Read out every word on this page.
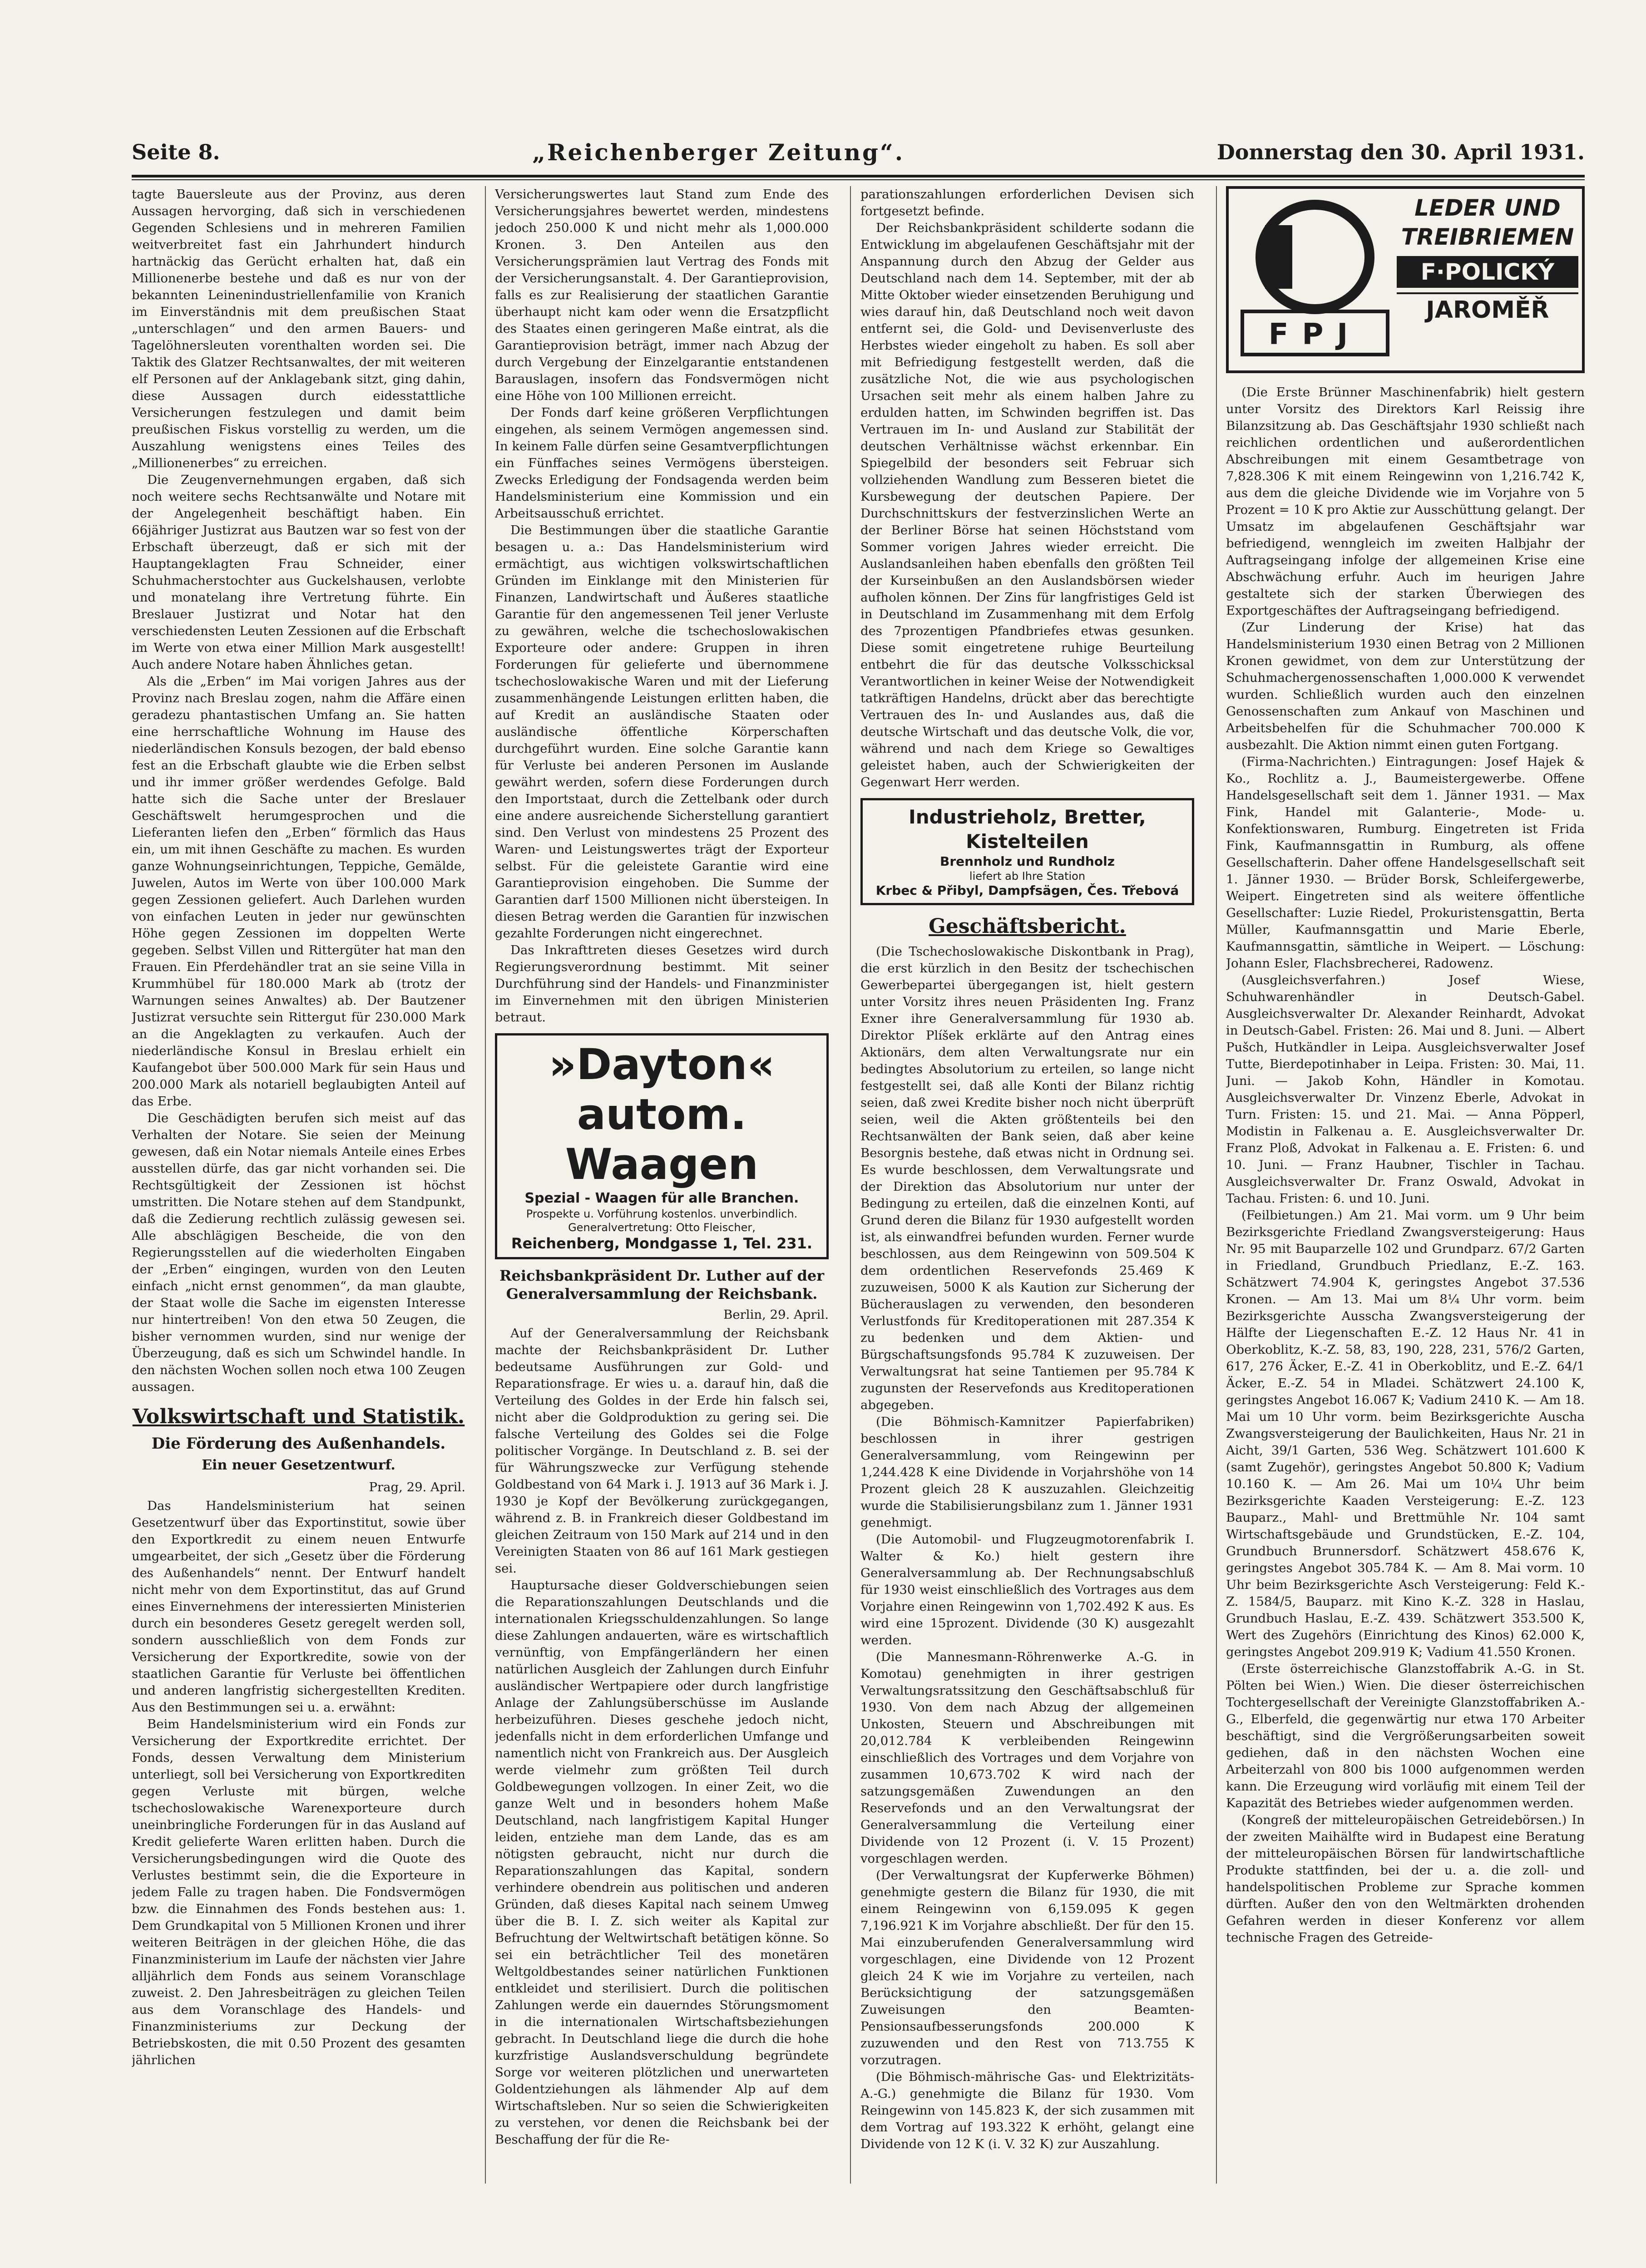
Seite 8.	„Reichenberger Zeitung“.	Donnerstag den 30. April 1931.

tagte Bauersleute aus der Provinz, aus deren Aussagen hervorging, daß sich in verschiedenen Gegenden Schlesiens und in mehreren Familien weitverbreitet fast ein Jahrhundert hindurch hartnäckig das Gerücht erhalten hat, daß ein Millionenerbe bestehe und daß es nur von der bekannten Leinenindustriellenfamilie von Kranich im Einverständnis mit dem preußischen Staat „unterschlagen“ und den armen Bauers- und Tagelöhnersleuten vorenthalten worden sei. Die Taktik des Glatzer Rechtsanwaltes, der mit weiteren elf Personen auf der Anklagebank sitzt, ging dahin, diese Aussagen durch eidesstattliche Versicherungen festzulegen und damit beim preußischen Fiskus vorstellig zu werden, um die Auszahlung wenigstens eines Teiles des „Millionenerbes“ zu erreichen.

Die Zeugenvernehmungen ergaben, daß sich noch weitere sechs Rechtsanwälte und Notare mit der Angelegenheit beschäftigt haben. Ein 66jähriger Justizrat aus Bautzen war so fest von der Erbschaft überzeugt, daß er sich mit der Hauptangeklagten Frau Schneider, einer Schuhmacherstochter aus Guckelshausen, verlobte und monatelang ihre Vertretung führte. Ein Breslauer Justizrat und Notar hat den verschiedensten Leuten Zessionen auf die Erbschaft im Werte von etwa einer Million Mark ausgestellt! Auch andere Notare haben Ähnliches getan.

Als die „Erben“ im Mai vorigen Jahres aus der Provinz nach Breslau zogen, nahm die Affäre einen geradezu phantastischen Umfang an. Sie hatten eine herrschaftliche Wohnung im Hause des niederländischen Konsuls bezogen, der bald ebenso fest an die Erbschaft glaubte wie die Erben selbst und ihr immer größer werdendes Gefolge. Bald hatte sich die Sache unter der Breslauer Geschäftswelt herumgesprochen und die Lieferanten liefen den „Erben“ förmlich das Haus ein, um mit ihnen Geschäfte zu machen. Es wurden ganze Wohnungseinrichtungen, Teppiche, Gemälde, Juwelen, Autos im Werte von über 100.000 Mark gegen Zessionen geliefert. Auch Darlehen wurden von einfachen Leuten in jeder nur gewünschten Höhe gegen Zessionen im doppelten Werte gegeben. Selbst Villen und Rittergüter hat man den Frauen. Ein Pferdehändler trat an sie seine Villa in Krummhübel für 180.000 Mark ab (trotz der Warnungen seines Anwaltes) ab. Der Bautzener Justizrat versuchte sein Rittergut für 230.000 Mark an die Angeklagten zu verkaufen. Auch der niederländische Konsul in Breslau erhielt ein Kaufangebot über 500.000 Mark für sein Haus und 200.000 Mark als notariell beglaubigten Anteil auf das Erbe.

Die Geschädigten berufen sich meist auf das Verhalten der Notare. Sie seien der Meinung gewesen, daß ein Notar niemals Anteile eines Erbes ausstellen dürfe, das gar nicht vorhanden sei. Die Rechtsgültigkeit der Zessionen ist höchst umstritten. Die Notare stehen auf dem Standpunkt, daß die Zedierung rechtlich zulässig gewesen sei. Alle abschlägigen Bescheide, die von den Regierungsstellen auf die wiederholten Eingaben der „Erben“ eingingen, wurden von den Leuten einfach „nicht ernst genommen“, da man glaubte, der Staat wolle die Sache im eigensten Interesse nur hintertreiben! Von den etwa 50 Zeugen, die bisher vernommen wurden, sind nur wenige der Überzeugung, daß es sich um Schwindel handle. In den nächsten Wochen sollen noch etwa 100 Zeugen aussagen.

Volkswirtschaft und Statistik.
Die Förderung des Außenhandels.
Ein neuer Gesetzentwurf.
Prag, 29. April.

Das Handelsministerium hat seinen Gesetzentwurf über das Exportinstitut, sowie über den Exportkredit zu einem neuen Entwurfe umgearbeitet, der sich „Gesetz über die Förderung des Außenhandels“ nennt. Der Entwurf handelt nicht mehr von dem Exportinstitut, das auf Grund eines Einvernehmens der interessierten Ministerien durch ein besonderes Gesetz geregelt werden soll, sondern ausschließlich von dem Fonds zur Versicherung der Exportkredite, sowie von der staatlichen Garantie für Verluste bei öffentlichen und anderen langfristig sichergestellten Krediten. Aus den Bestimmungen sei u. a. erwähnt:

Beim Handelsministerium wird ein Fonds zur Versicherung der Exportkredite errichtet. Der Fonds, dessen Verwaltung dem Ministerium unterliegt, soll bei Versicherung von Exportkrediten gegen Verluste mit bürgen, welche tschechoslowakische Warenexporteure durch uneinbringliche Forderungen für in das Ausland auf Kredit gelieferte Waren erlitten haben. Durch die Versicherungsbedingungen wird die Quote des Verlustes bestimmt sein, die die Exporteure in jedem Falle zu tragen haben. Die Fondsvermögen bzw. die Einnahmen des Fonds bestehen aus: 1. Dem Grundkapital von 5 Millionen Kronen und ihrer weiteren Beiträgen in der gleichen Höhe, die das Finanzministerium im Laufe der nächsten vier Jahre alljährlich dem Fonds aus seinem Voranschlage zuweist. 2. Den Jahresbeiträgen zu gleichen Teilen aus dem Voranschlage des Handels- und Finanzministeriums zur Deckung der Betriebskosten, die mit 0.50 Prozent des gesamten jährlichen

Versicherungswertes laut Stand zum Ende des Versicherungsjahres bewertet werden, mindestens jedoch 250.000 K und nicht mehr als 1,000.000 Kronen. 3. Den Anteilen aus den Versicherungsprämien laut Vertrag des Fonds mit der Versicherungsanstalt. 4. Der Garantieprovision, falls es zur Realisierung der staatlichen Garantie überhaupt nicht kam oder wenn die Ersatzpflicht des Staates einen geringeren Maße eintrat, als die Garantieprovision beträgt, immer nach Abzug der durch Vergebung der Einzelgarantie entstandenen Barauslagen, insofern das Fondsvermögen nicht eine Höhe von 100 Millionen erreicht.

Der Fonds darf keine größeren Verpflichtungen eingehen, als seinem Vermögen angemessen sind. In keinem Falle dürfen seine Gesamtverpflichtungen ein Fünffaches seines Vermögens übersteigen. Zwecks Erledigung der Fondsagenda werden beim Handelsministerium eine Kommission und ein Arbeitsausschuß errichtet.

Die Bestimmungen über die staatliche Garantie besagen u. a.: Das Handelsministerium wird ermächtigt, aus wichtigen volkswirtschaftlichen Gründen im Einklange mit den Ministerien für Finanzen, Landwirtschaft und Äußeres staatliche Garantie für den angemessenen Teil jener Verluste zu gewähren, welche die tschechoslowakischen Exporteure oder andere: Gruppen in ihren Forderungen für gelieferte und übernommene tschechoslowakische Waren und mit der Lieferung zusammenhängende Leistungen erlitten haben, die auf Kredit an ausländische Staaten oder ausländische öffentliche Körperschaften durchgeführt wurden. Eine solche Garantie kann für Verluste bei anderen Personen im Auslande gewährt werden, sofern diese Forderungen durch den Importstaat, durch die Zettelbank oder durch eine andere ausreichende Sicherstellung garantiert sind. Den Verlust von mindestens 25 Prozent des Waren- und Leistungswertes trägt der Exporteur selbst. Für die geleistete Garantie wird eine Garantieprovision eingehoben. Die Summe der Garantien darf 1500 Millionen nicht übersteigen. In diesen Betrag werden die Garantien für inzwischen gezahlte Forderungen nicht eingerechnet.

Das Inkrafttreten dieses Gesetzes wird durch Regierungsverordnung bestimmt. Mit seiner Durchführung sind der Handels- und Finanzminister im Einvernehmen mit den übrigen Ministerien betraut.

»Dayton« autom. Waagen
Spezial - Waagen für alle Branchen.
Prospekte u. Vorführung kostenlos. unverbindlich. Generalvertretung: Otto Fleischer,
Reichenberg, Mondgasse 1, Tel. 231.
Reichsbankpräsident Dr. Luther auf der Generalversammlung der Reichsbank.
Berlin, 29. April.

Auf der Generalversammlung der Reichsbank machte der Reichsbankpräsident Dr. Luther bedeutsame Ausführungen zur Gold- und Reparationsfrage. Er wies u. a. darauf hin, daß die Verteilung des Goldes in der Erde hin falsch sei, nicht aber die Goldproduktion zu gering sei. Die falsche Verteilung des Goldes sei die Folge politischer Vorgänge. In Deutschland z. B. sei der für Währungszwecke zur Verfügung stehende Goldbestand von 64 Mark i. J. 1913 auf 36 Mark i. J. 1930 je Kopf der Bevölkerung zurückgegangen, während z. B. in Frankreich dieser Goldbestand im gleichen Zeitraum von 150 Mark auf 214 und in den Vereinigten Staaten von 86 auf 161 Mark gestiegen sei.

Hauptursache dieser Goldverschiebungen seien die Reparationszahlungen Deutschlands und die internationalen Kriegsschuldenzahlungen. So lange diese Zahlungen andauerten, wäre es wirtschaftlich vernünftig, von Empfängerländern her einen natürlichen Ausgleich der Zahlungen durch Einfuhr ausländischer Wertpapiere oder durch langfristige Anlage der Zahlungsüberschüsse im Auslande herbeizuführen. Dieses geschehe jedoch nicht, jedenfalls nicht in dem erforderlichen Umfange und namentlich nicht von Frankreich aus. Der Ausgleich werde vielmehr zum größten Teil durch Goldbewegungen vollzogen. In einer Zeit, wo die ganze Welt und in besonders hohem Maße Deutschland, nach langfristigem Kapital Hunger leiden, entziehe man dem Lande, das es am nötigsten gebraucht, nicht nur durch die Reparationszahlungen das Kapital, sondern verhindere obendrein aus politischen und anderen Gründen, daß dieses Kapital nach seinem Umweg über die B. I. Z. sich weiter als Kapital zur Befruchtung der Weltwirtschaft betätigen könne. So sei ein beträchtlicher Teil des monetären Weltgoldbestandes seiner natürlichen Funktionen entkleidet und sterilisiert. Durch die politischen Zahlungen werde ein dauerndes Störungsmoment in die internationalen Wirtschaftsbeziehungen gebracht. In Deutschland liege die durch die hohe kurzfristige Auslandsverschuldung begründete Sorge vor weiteren plötzlichen und unerwarteten Goldentziehungen als lähmender Alp auf dem Wirtschaftsleben. Nur so seien die Schwierigkeiten zu verstehen, vor denen die Reichsbank bei der Beschaffung der für die Re-

parationszahlungen erforderlichen Devisen sich fortgesetzt befinde.

Der Reichsbankpräsident schilderte sodann die Entwicklung im abgelaufenen Geschäftsjahr mit der Anspannung durch den Abzug der Gelder aus Deutschland nach dem 14. September, mit der ab Mitte Oktober wieder einsetzenden Beruhigung und wies darauf hin, daß Deutschland noch weit davon entfernt sei, die Gold- und Devisenverluste des Herbstes wieder eingeholt zu haben. Es soll aber mit Befriedigung festgestellt werden, daß die zusätzliche Not, die wie aus psychologischen Ursachen seit mehr als einem halben Jahre zu erdulden hatten, im Schwinden begriffen ist. Das Vertrauen im In- und Ausland zur Stabilität der deutschen Verhältnisse wächst erkennbar. Ein Spiegelbild der besonders seit Februar sich vollziehenden Wandlung zum Besseren bietet die Kursbewegung der deutschen Papiere. Der Durchschnittskurs der festverzinslichen Werte an der Berliner Börse hat seinen Höchststand vom Sommer vorigen Jahres wieder erreicht. Die Auslandsanleihen haben ebenfalls den größten Teil der Kurseinbußen an den Auslandsbörsen wieder aufholen können. Der Zins für langfristiges Geld ist in Deutschland im Zusammenhang mit dem Erfolg des 7prozentigen Pfandbriefes etwas gesunken. Diese somit eingetretene ruhige Beurteilung entbehrt die für das deutsche Volksschicksal Verantwortlichen in keiner Weise der Notwendigkeit tatkräftigen Handelns, drückt aber das berechtigte Vertrauen des In- und Auslandes aus, daß die deutsche Wirtschaft und das deutsche Volk, die vor, während und nach dem Kriege so Gewaltiges geleistet haben, auch der Schwierigkeiten der Gegenwart Herr werden.

Industrieholz, Bretter, Kistelteilen
Brennholz und Rundholz
liefert ab Ihre Station
Krbec & Přibyl, Dampfsägen, Čes. Třebová
Geschäftsbericht.

(Die Tschechoslowakische Diskontbank in Prag), die erst kürzlich in den Besitz der tschechischen Gewerbepartei übergegangen ist, hielt gestern unter Vorsitz ihres neuen Präsidenten Ing. Franz Exner ihre Generalversammlung für 1930 ab. Direktor Plíšek erklärte auf den Antrag eines Aktionärs, dem alten Verwaltungsrate nur ein bedingtes Absolutorium zu erteilen, so lange nicht festgestellt sei, daß alle Konti der Bilanz richtig seien, daß zwei Kredite bisher noch nicht überprüft seien, weil die Akten größtenteils bei den Rechtsanwälten der Bank seien, daß aber keine Besorgnis bestehe, daß etwas nicht in Ordnung sei. Es wurde beschlossen, dem Verwaltungsrate und der Direktion das Absolutorium nur unter der Bedingung zu erteilen, daß die einzelnen Konti, auf Grund deren die Bilanz für 1930 aufgestellt worden ist, als einwandfrei befunden wurden. Ferner wurde beschlossen, aus dem Reingewinn von 509.504 K dem ordentlichen Reservefonds 25.469 K zuzuweisen, 5000 K als Kaution zur Sicherung der Bücherauslagen zu verwenden, den besonderen Verlustfonds für Kreditoperationen mit 287.354 K zu bedenken und dem Aktien- und Bürgschaftsungsfonds 95.784 K zuzuweisen. Der Verwaltungsrat hat seine Tantiemen per 95.784 K zugunsten der Reservefonds aus Kreditoperationen abgegeben.

(Die Böhmisch-Kamnitzer Papierfabriken) beschlossen in ihrer gestrigen Generalversammlung, vom Reingewinn per 1,244.428 K eine Dividende in Vorjahrshöhe von 14 Prozent gleich 28 K auszuzahlen. Gleichzeitig wurde die Stabilisierungsbilanz zum 1. Jänner 1931 genehmigt.

(Die Automobil- und Flugzeugmotorenfabrik I. Walter & Ko.) hielt gestern ihre Generalversammlung ab. Der Rechnungsabschluß für 1930 weist einschließlich des Vortrages aus dem Vorjahre einen Reingewinn von 1,702.492 K aus. Es wird eine 15prozent. Dividende (30 K) ausgezahlt werden.

(Die Mannesmann-Röhrenwerke A.-G. in Komotau) genehmigten in ihrer gestrigen Verwaltungsratssitzung den Geschäftsabschluß für 1930. Von dem nach Abzug der allgemeinen Unkosten, Steuern und Abschreibungen mit 20,012.784 K verbleibenden Reingewinn einschließlich des Vortrages und dem Vorjahre von zusammen 10,673.702 K wird nach der satzungsgemäßen Zuwendungen an den Reservefonds und an den Verwaltungsrat der Generalversammlung die Verteilung einer Dividende von 12 Prozent (i. V. 15 Prozent) vorgeschlagen werden.

(Der Verwaltungsrat der Kupferwerke Böhmen) genehmigte gestern die Bilanz für 1930, die mit einem Reingewinn von 6,159.095 K gegen 7,196.921 K im Vorjahre abschließt. Der für den 15. Mai einzuberufenden Generalversammlung wird vorgeschlagen, eine Dividende von 12 Prozent gleich 24 K wie im Vorjahre zu verteilen, nach Berücksichtigung der satzungsgemäßen Zuweisungen den Beamten-Pensionsaufbesserungsfonds 200.000 K zuzuwenden und den Rest von 713.755 K vorzutragen.

(Die Böhmisch-mährische Gas- und Elektrizitäts-A.-G.) genehmigte die Bilanz für 1930. Vom Reingewinn von 145.823 K, der sich zusammen mit dem Vortrag auf 193.322 K erhöht, gelangt eine Dividende von 12 K (i. V. 32 K) zur Auszahlung.

FPJ
LEDER UND
TREIBRIEMEN
F·POLICKÝ
JAROMĚŘ

(Die Erste Brünner Maschinenfabrik) hielt gestern unter Vorsitz des Direktors Karl Reissig ihre Bilanzsitzung ab. Das Geschäftsjahr 1930 schließt nach reichlichen ordentlichen und außerordentlichen Abschreibungen mit einem Gesamtbetrage von 7,828.306 K mit einem Reingewinn von 1,216.742 K, aus dem die gleiche Dividende wie im Vorjahre von 5 Prozent = 10 K pro Aktie zur Ausschüttung gelangt. Der Umsatz im abgelaufenen Geschäftsjahr war befriedigend, wenngleich im zweiten Halbjahr der Auftragseingang infolge der allgemeinen Krise eine Abschwächung erfuhr. Auch im heurigen Jahre gestaltete sich der starken Überwiegen des Exportgeschäftes der Auftragseingang befriedigend.

(Zur Linderung der Krise) hat das Handelsministerium 1930 einen Betrag von 2 Millionen Kronen gewidmet, von dem zur Unterstützung der Schuhmachergenossenschaften 1,000.000 K verwendet wurden. Schließlich wurden auch den einzelnen Genossenschaften zum Ankauf von Maschinen und Arbeitsbehelfen für die Schuhmacher 700.000 K ausbezahlt. Die Aktion nimmt einen guten Fortgang.

(Firma-Nachrichten.) Eintragungen: Josef Hajek & Ko., Rochlitz a. J., Baumeistergewerbe. Offene Handelsgesellschaft seit dem 1. Jänner 1931. — Max Fink, Handel mit Galanterie-, Mode- u. Konfektionswaren, Rumburg. Eingetreten ist Frida Fink, Kaufmannsgattin in Rumburg, als offene Gesellschafterin. Daher offene Handelsgesellschaft seit 1. Jänner 1930. — Brüder Borsk, Schleifergewerbe, Weipert. Eingetreten sind als weitere öffentliche Gesellschafter: Luzie Riedel, Prokuristensgattin, Berta Müller, Kaufmannsgattin und Marie Eberle, Kaufmannsgattin, sämtliche in Weipert. — Löschung: Johann Esler, Flachsbrecherei, Radowenz.

(Ausgleichsverfahren.) Josef Wiese, Schuhwarenhändler in Deutsch-Gabel. Ausgleichsverwalter Dr. Alexander Reinhardt, Advokat in Deutsch-Gabel. Fristen: 26. Mai und 8. Juni. — Albert Pušch, Hutkändler in Leipa. Ausgleichsverwalter Josef Tutte, Bierdepotinhaber in Leipa. Fristen: 30. Mai, 11. Juni. — Jakob Kohn, Händler in Komotau. Ausgleichsverwalter Dr. Vinzenz Eberle, Advokat in Turn. Fristen: 15. und 21. Mai. — Anna Pöpperl, Modistin in Falkenau a. E. Ausgleichsverwalter Dr. Franz Ploß, Advokat in Falkenau a. E. Fristen: 6. und 10. Juni. — Franz Haubner, Tischler in Tachau. Ausgleichsverwalter Dr. Franz Oswald, Advokat in Tachau. Fristen: 6. und 10. Juni.

(Feilbietungen.) Am 21. Mai vorm. um 9 Uhr beim Bezirksgerichte Friedland Zwangsversteigerung: Haus Nr. 95 mit Bauparzelle 102 und Grundparz. 67/2 Garten in Friedland, Grundbuch Priedlanz, E.-Z. 163. Schätzwert 74.904 K, geringstes Angebot 37.536 Kronen. — Am 13. Mai um 8¼ Uhr vorm. beim Bezirksgerichte Ausscha Zwangsversteigerung der Hälfte der Liegenschaften E.-Z. 12 Haus Nr. 41 in Oberkoblitz, K.-Z. 58, 83, 190, 228, 231, 576/2 Garten, 617, 276 Äcker, E.-Z. 41 in Oberkoblitz, und E.-Z. 64/1 Äcker, E.-Z. 54 in Mladei. Schätzwert 24.100 K, geringstes Angebot 16.067 K; Vadium 2410 K. — Am 18. Mai um 10 Uhr vorm. beim Bezirksgerichte Auscha Zwangsversteigerung der Baulichkeiten, Haus Nr. 21 in Aicht, 39/1 Garten, 536 Weg. Schätzwert 101.600 K (samt Zugehör), geringstes Angebot 50.800 K; Vadium 10.160 K. — Am 26. Mai um 10¼ Uhr beim Bezirksgerichte Kaaden Versteigerung: E.-Z. 123 Bauparz., Mahl- und Brettmühle Nr. 104 samt Wirtschaftsgebäude und Grundstücken, E.-Z. 104, Grundbuch Brunnersdorf. Schätzwert 458.676 K, geringstes Angebot 305.784 K. — Am 8. Mai vorm. 10 Uhr beim Bezirksgerichte Asch Versteigerung: Feld K.-Z. 1584/5, Bauparz. mit Kino K.-Z. 328 in Haslau, Grundbuch Haslau, E.-Z. 439. Schätzwert 353.500 K, Wert des Zugehörs (Einrichtung des Kinos) 62.000 K, geringstes Angebot 209.919 K; Vadium 41.550 Kronen.

(Erste österreichische Glanzstoffabrik A.-G. in St. Pölten bei Wien.) Wien. Die dieser österreichischen Tochtergesellschaft der Vereinigte Glanzstoffabriken A.-G., Elberfeld, die gegenwärtig nur etwa 170 Arbeiter beschäftigt, sind die Vergrößerungsarbeiten soweit gediehen, daß in den nächsten Wochen eine Arbeiterzahl von 800 bis 1000 aufgenommen werden kann. Die Erzeugung wird vorläufig mit einem Teil der Kapazität des Betriebes wieder aufgenommen werden.

(Kongreß der mitteleuropäischen Getreidebörsen.) In der zweiten Maihälfte wird in Budapest eine Beratung der mitteleuropäischen Börsen für landwirtschaftliche Produkte stattfinden, bei der u. a. die zoll- und handelspolitischen Probleme zur Sprache kommen dürften. Außer den von den Weltmärkten drohenden Gefahren werden in dieser Konferenz vor allem technische Fragen des Getreide-
